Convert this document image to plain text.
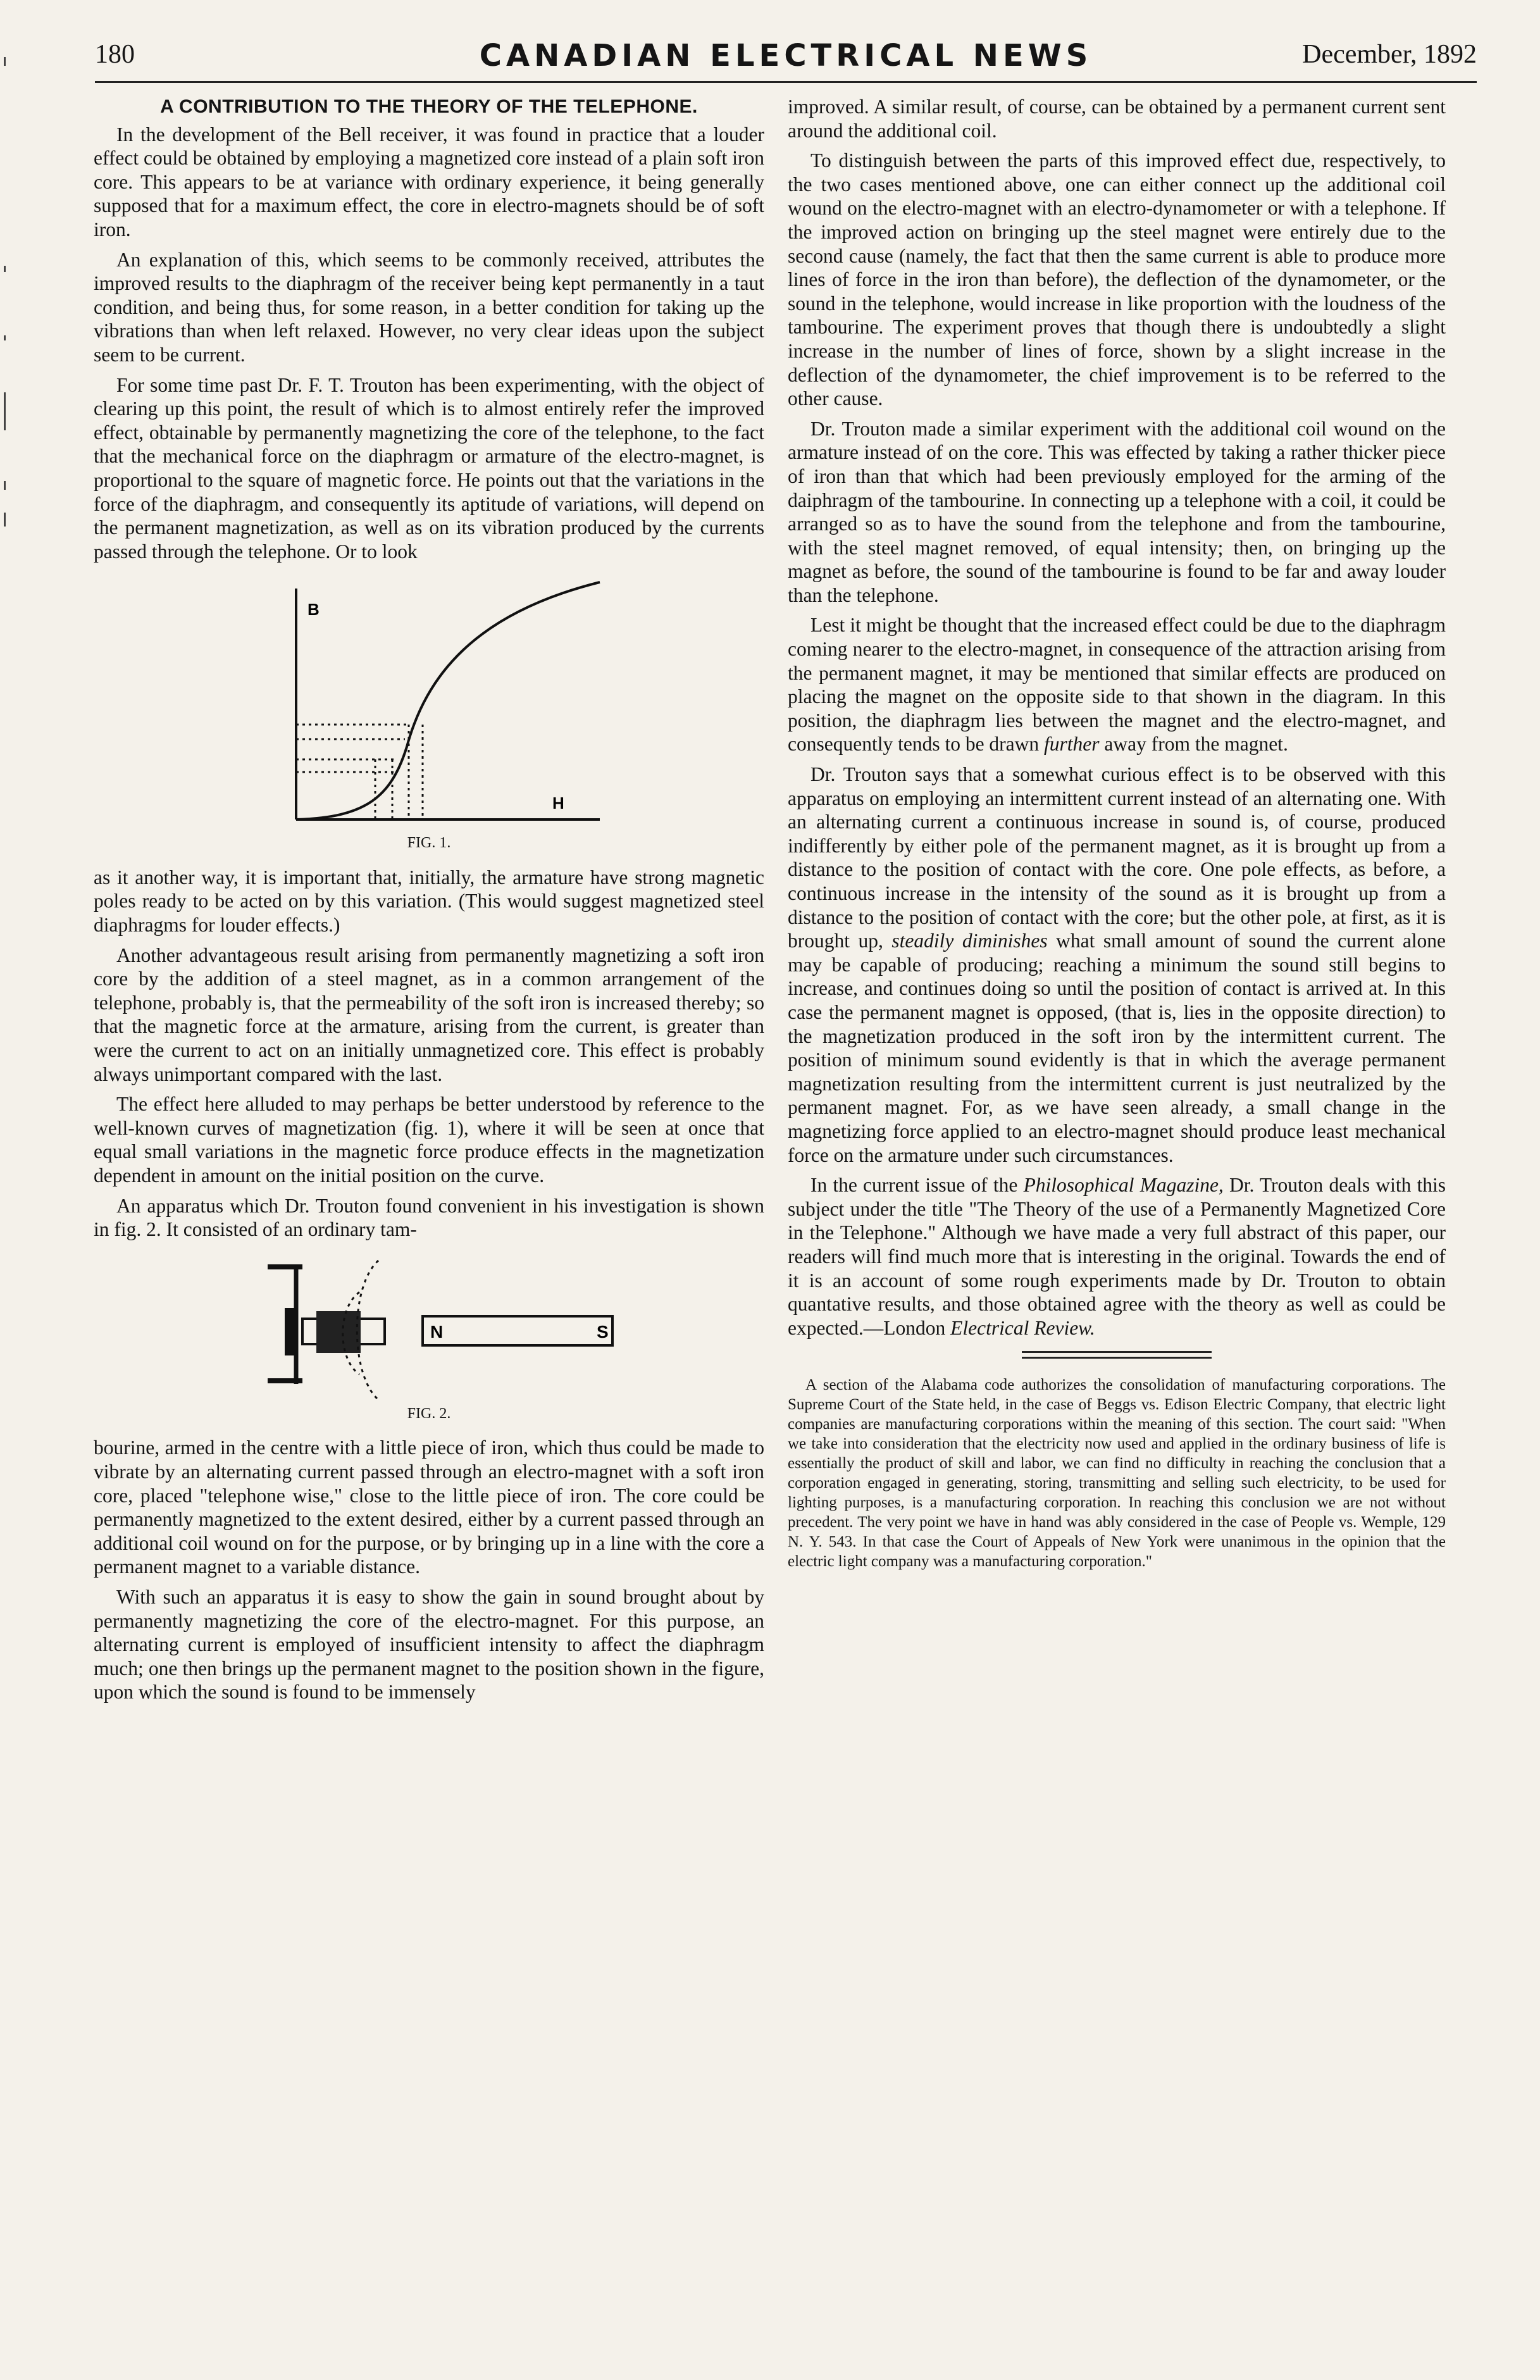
180	CANADIAN ELECTRICAL NEWS	December, 1892
A CONTRIBUTION TO THE THEORY OF THE TELEPHONE.

In the development of the Bell receiver, it was found in practice that a louder effect could be obtained by employing a magnetized core instead of a plain soft iron core. This appears to be at variance with ordinary experience, it being generally supposed that for a maximum effect, the core in electro-magnets should be of soft iron.

An explanation of this, which seems to be commonly received, attributes the improved results to the diaphragm of the receiver being kept permanently in a taut condition, and being thus, for some reason, in a better condition for taking up the vibrations than when left relaxed. However, no very clear ideas upon the subject seem to be current.

For some time past Dr. F. T. Trouton has been experimenting, with the object of clearing up this point, the result of which is to almost entirely refer the improved effect, obtainable by permanently magnetizing the core of the telephone, to the fact that the mechanical force on the diaphragm or armature of the electro-magnet, is proportional to the square of magnetic force. He points out that the variations in the force of the diaphragm, and consequently its aptitude of variations, will depend on the permanent magnetization, as well as on its vibration produced by the currents passed through the telephone. Or to look

B
H
FIG. 1.

as it another way, it is important that, initially, the armature have strong magnetic poles ready to be acted on by this variation. (This would suggest magnetized steel diaphragms for louder effects.)

Another advantageous result arising from permanently magnetizing a soft iron core by the addition of a steel magnet, as in a common arrangement of the telephone, probably is, that the permeability of the soft iron is increased thereby; so that the magnetic force at the armature, arising from the current, is greater than were the current to act on an initially unmagnetized core. This effect is probably always unimportant compared with the last.

The effect here alluded to may perhaps be better understood by reference to the well-known curves of magnetization (fig. 1), where it will be seen at once that equal small variations in the magnetic force produce effects in the magnetization dependent in amount on the initial position on the curve.

An apparatus which Dr. Trouton found convenient in his investigation is shown in fig. 2. It consisted of an ordinary tam-

N	S
FIG. 2.

bourine, armed in the centre with a little piece of iron, which thus could be made to vibrate by an alternating current passed through an electro-magnet with a soft iron core, placed "telephone wise," close to the little piece of iron. The core could be permanently magnetized to the extent desired, either by a current passed through an additional coil wound on for the purpose, or by bringing up in a line with the core a permanent magnet to a variable distance.

With such an apparatus it is easy to show the gain in sound brought about by permanently magnetizing the core of the electro-magnet. For this purpose, an alternating current is employed of insufficient intensity to affect the diaphragm much; one then brings up the permanent magnet to the position shown in the figure, upon which the sound is found to be immensely

improved. A similar result, of course, can be obtained by a permanent current sent around the additional coil.

To distinguish between the parts of this improved effect due, respectively, to the two cases mentioned above, one can either connect up the additional coil wound on the electro-magnet with an electro-dynamometer or with a telephone. If the improved action on bringing up the steel magnet were entirely due to the second cause (namely, the fact that then the same current is able to produce more lines of force in the iron than before), the deflection of the dynamometer, or the sound in the telephone, would increase in like proportion with the loudness of the tambourine. The experiment proves that though there is undoubtedly a slight increase in the number of lines of force, shown by a slight increase in the deflection of the dynamometer, the chief improvement is to be referred to the other cause.

Dr. Trouton made a similar experiment with the additional coil wound on the armature instead of on the core. This was effected by taking a rather thicker piece of iron than that which had been previously employed for the arming of the daiphragm of the tambourine. In connecting up a telephone with a coil, it could be arranged so as to have the sound from the telephone and from the tambourine, with the steel magnet removed, of equal intensity; then, on bringing up the magnet as before, the sound of the tambourine is found to be far and away louder than the telephone.

Lest it might be thought that the increased effect could be due to the diaphragm coming nearer to the electro-magnet, in consequence of the attraction arising from the permanent magnet, it may be mentioned that similar effects are produced on placing the magnet on the opposite side to that shown in the diagram. In this position, the diaphragm lies between the magnet and the electro-magnet, and consequently tends to be drawn further away from the magnet.

Dr. Trouton says that a somewhat curious effect is to be observed with this apparatus on employing an intermittent current instead of an alternating one. With an alternating current a continuous increase in sound is, of course, produced indifferently by either pole of the permanent magnet, as it is brought up from a distance to the position of contact with the core. One pole effects, as before, a continuous increase in the intensity of the sound as it is brought up from a distance to the position of contact with the core; but the other pole, at first, as it is brought up, steadily diminishes what small amount of sound the current alone may be capable of producing; reaching a minimum the sound still begins to increase, and continues doing so until the position of contact is arrived at. In this case the permanent magnet is opposed, (that is, lies in the opposite direction) to the magnetization produced in the soft iron by the intermittent current. The position of minimum sound evidently is that in which the average permanent magnetization resulting from the intermittent current is just neutralized by the permanent magnet. For, as we have seen already, a small change in the magnetizing force applied to an electro-magnet should produce least mechanical force on the armature under such circumstances.

In the current issue of the Philosophical Magazine, Dr. Trouton deals with this subject under the title "The Theory of the use of a Permanently Magnetized Core in the Telephone." Although we have made a very full abstract of this paper, our readers will find much more that is interesting in the original. Towards the end of it is an account of some rough experiments made by Dr. Trouton to obtain quantative results, and those obtained agree with the theory as well as could be expected.—London Electrical Review.

A section of the Alabama code authorizes the consolidation of manufacturing corporations. The Supreme Court of the State held, in the case of Beggs vs. Edison Electric Company, that electric light companies are manufacturing corporations within the meaning of this section. The court said: "When we take into consideration that the electricity now used and applied in the ordinary business of life is essentially the product of skill and labor, we can find no difficulty in reaching the conclusion that a corporation engaged in generating, storing, transmitting and selling such electricity, to be used for lighting purposes, is a manufacturing corporation. In reaching this conclusion we are not without precedent. The very point we have in hand was ably considered in the case of People vs. Wemple, 129 N. Y. 543. In that case the Court of Appeals of New York were unanimous in the opinion that the electric light company was a manufacturing corporation."
